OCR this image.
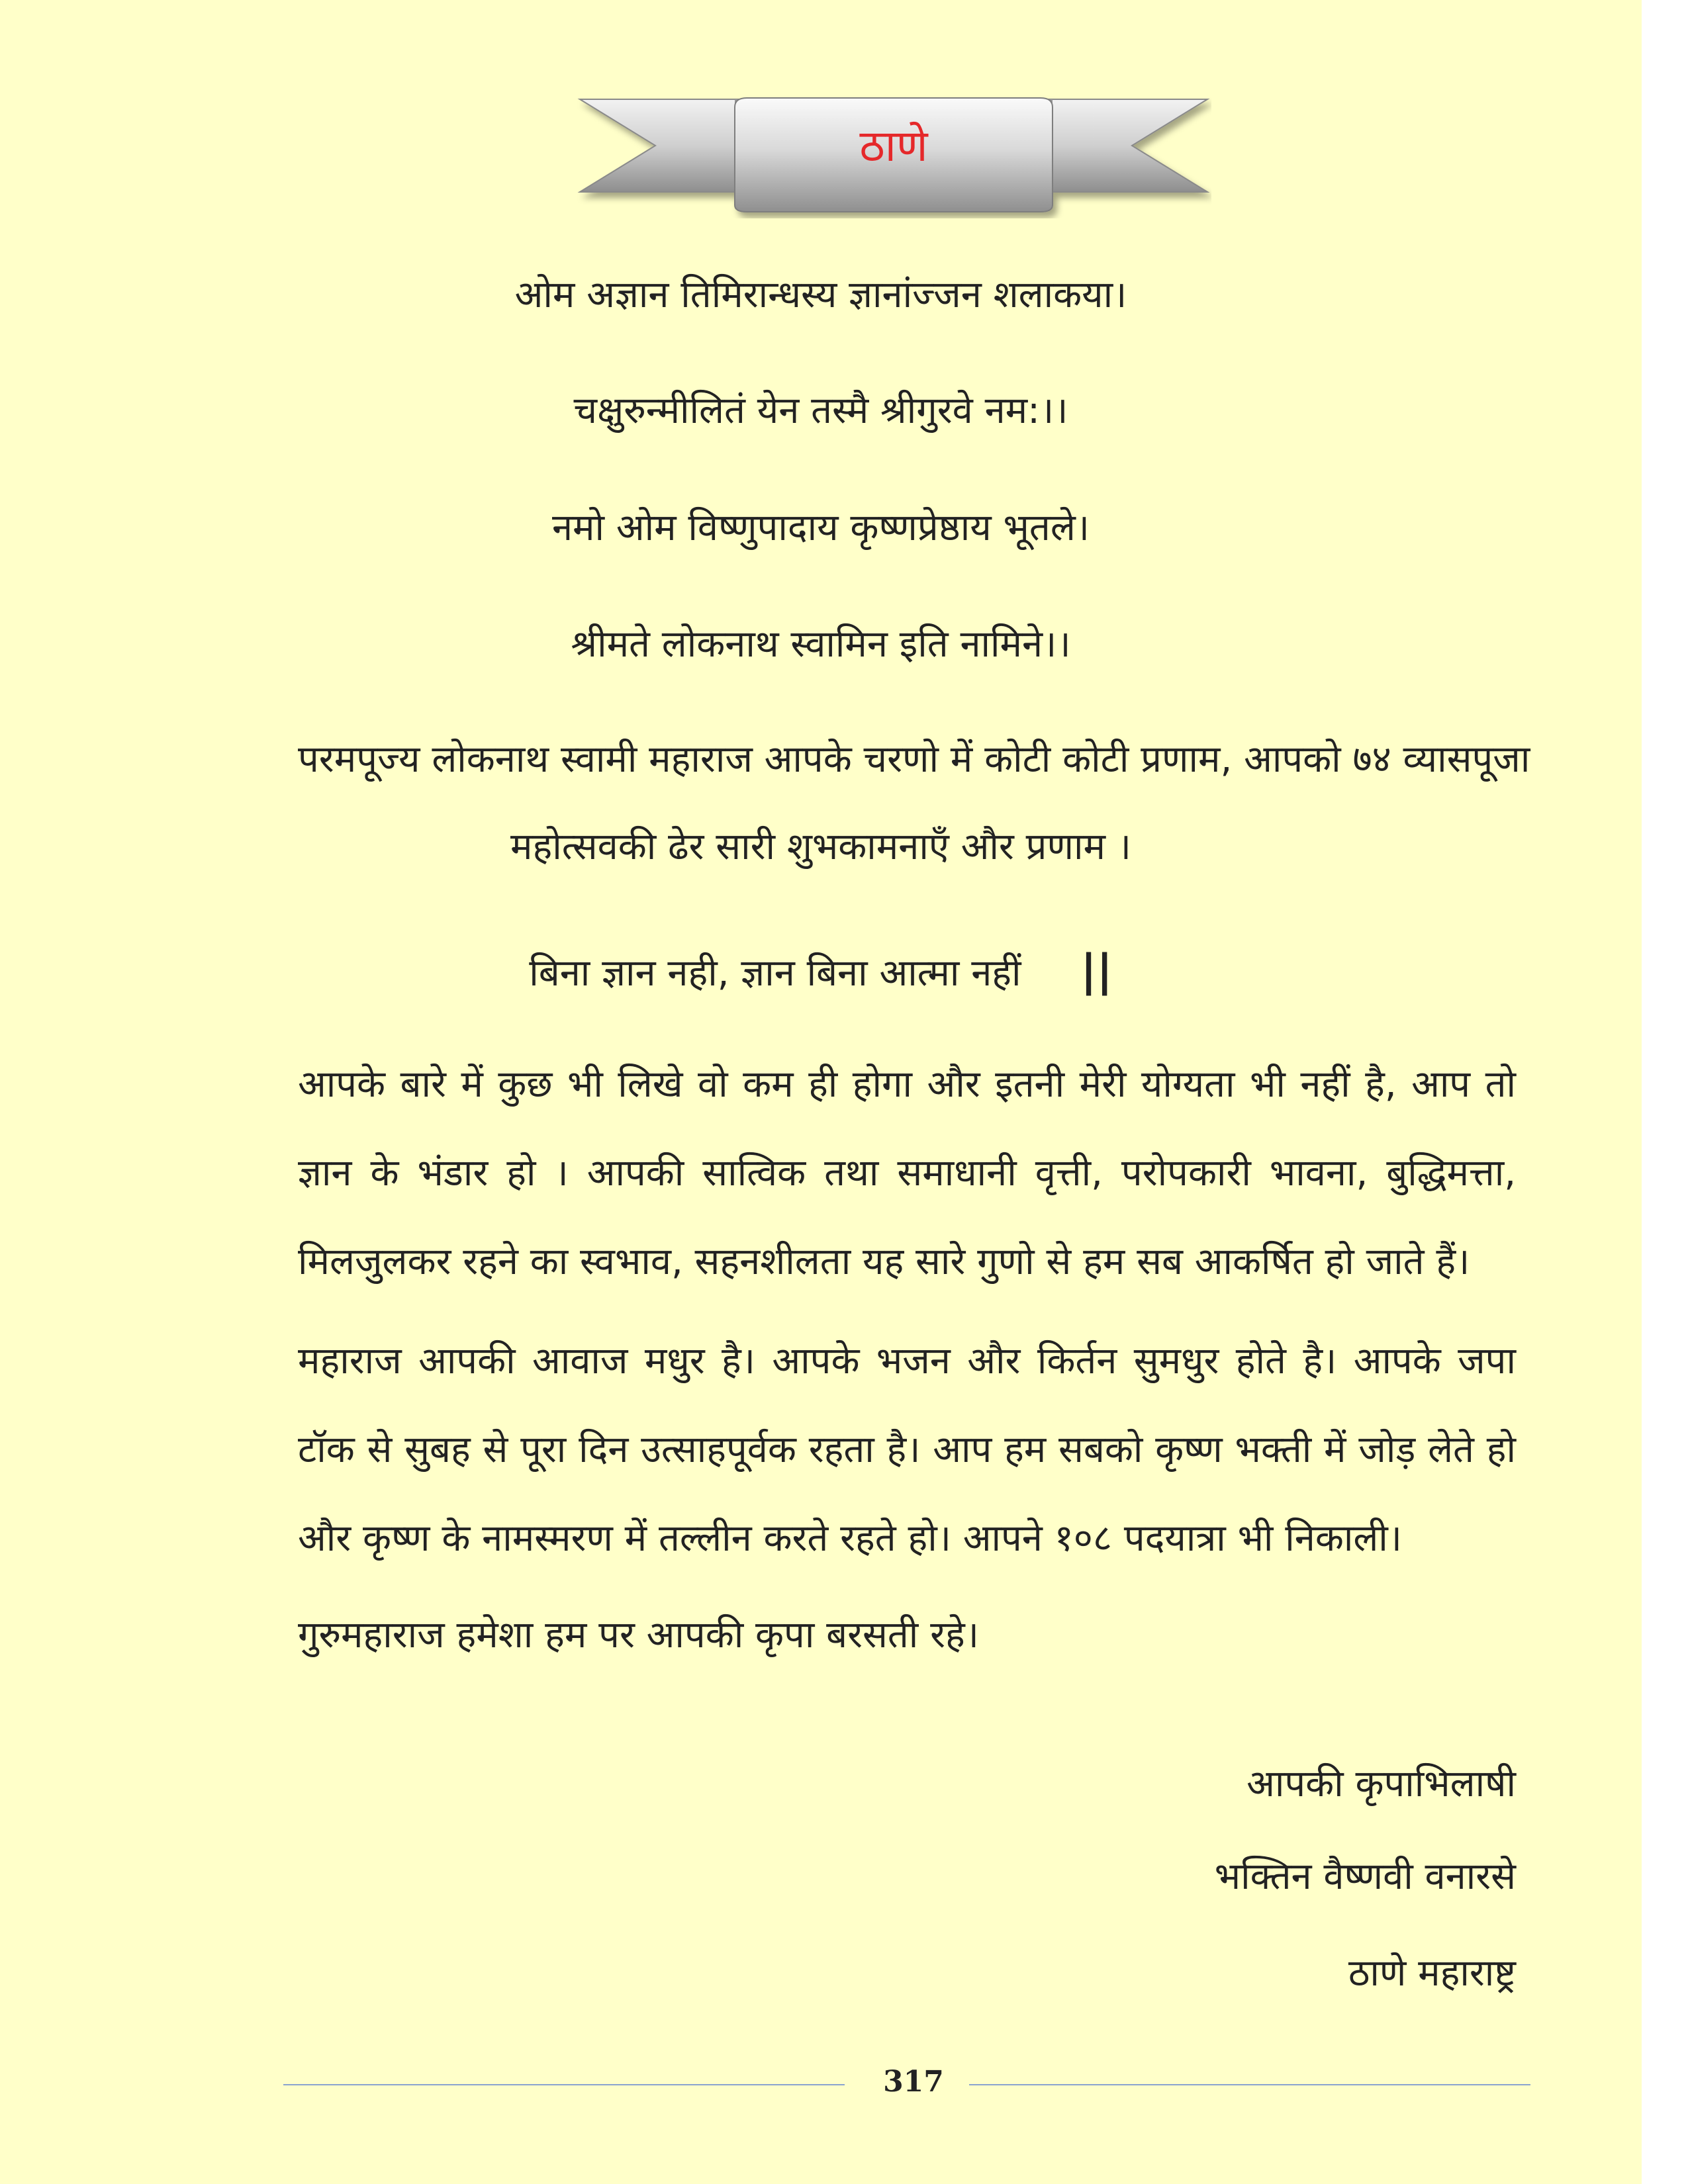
ठाणे
ओम अज्ञान तिमिरान्धस्य ज्ञानांज्जन शलाकया।
चक्षुरुन्मीलितं येन तस्मै श्रीगुरवे नम:।।
नमो ओम विष्णुपादाय कृष्णप्रेष्ठाय भूतले।
श्रीमते लोकनाथ स्वामिन इति नामिने।।
परमपूज्य लोकनाथ स्वामी महाराज आपके चरणो में कोटी कोटी प्रणाम, आपको ७४ व्यासपूजा
महोत्सवकी ढेर सारी शुभकामनाएँ और प्रणाम ।
बिना ज्ञान नही, ज्ञान बिना आत्मा नहीं ||
आपके बारे में कुछ भी लिखे वो कम ही होगा और इतनी मेरी योग्यता भी नहीं है, आप तो ज्ञान के भंडार हो । आपकी सात्विक तथा समाधानी वृत्ती, परोपकारी भावना, बुद्धिमत्ता, मिलजुलकर रहने का स्वभाव, सहनशीलता यह सारे गुणो से हम सब आकर्षित हो जाते हैं।
महाराज आपकी आवाज मधुर है। आपके भजन और किर्तन सुमधुर होते है। आपके जपा टॉक से सुबह से पूरा दिन उत्साहपूर्वक रहता है। आप हम सबको कृष्ण भक्ती में जोड़ लेते हो और कृष्ण के नामस्मरण में तल्लीन करते रहते हो। आपने १०८ पदयात्रा भी निकाली।
गुरुमहाराज हमेशा हम पर आपकी कृपा बरसती रहे।
आपकी कृपाभिलाषी
भक्तिन वैष्णवी वनारसे
ठाणे महाराष्ट्र
317
